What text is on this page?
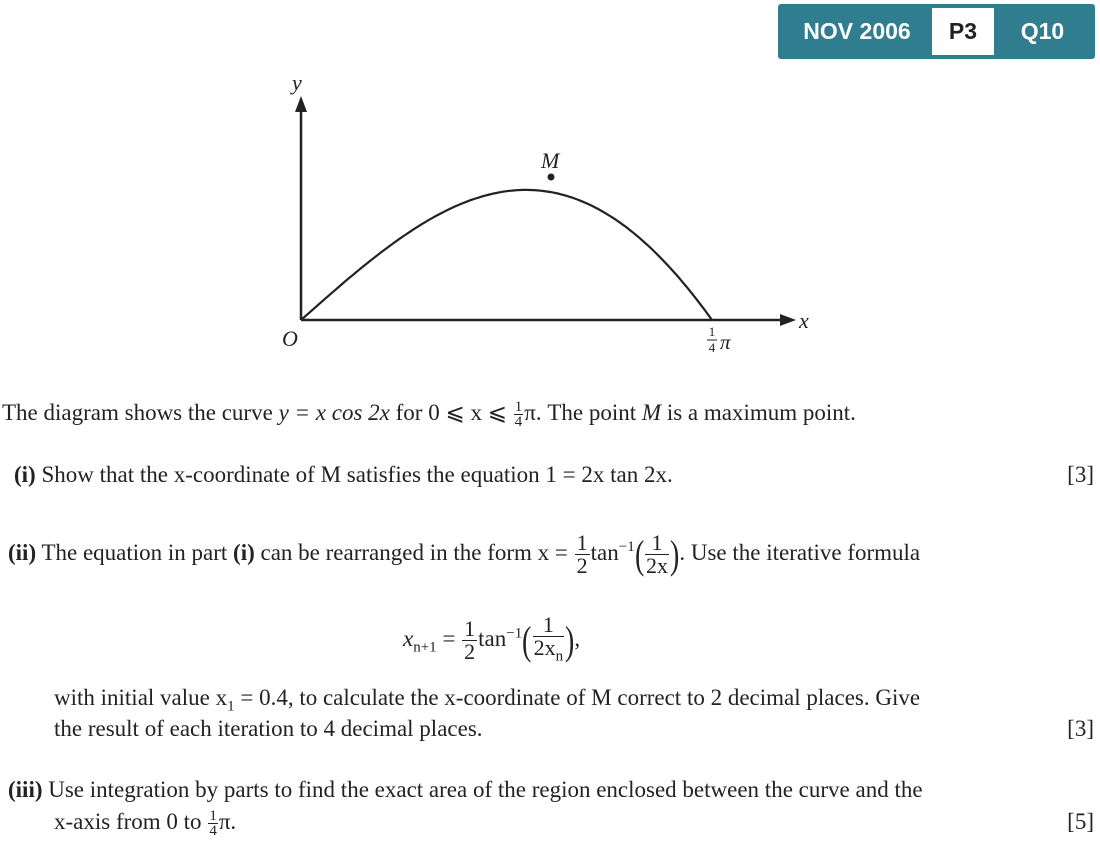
NOV 2006	P3	Q10
y
x
O
M
1
4 π
The diagram shows the curve y = x cos 2x for 0 ⩽ x ⩽ $\frac{1}{4} \pi$. The point M is a maximum point.
(i) Show that the x-coordinate of M satisfies the equation 1 = 2x tan 2x.	[3]
(ii) The equation in part (i) can be rearranged in the form $x = \frac{1}{2} \tan^{-1}( \frac{1}{2x}$ ). Use the iterative formula
$x_{n+1} = \frac{1}{2} \tan^{-1}( \frac{1}{2x_n}$ ),
with initial value $x_1 = 0.4$, to calculate the x-coordinate of M correct to 2 decimal places. Give
the result of each iteration to 4 decimal places.	[3]
(iii) Use integration by parts to find the exact area of the region enclosed between the curve and the
x-axis from 0 to $\frac{1}{4} \pi$.	[5]
